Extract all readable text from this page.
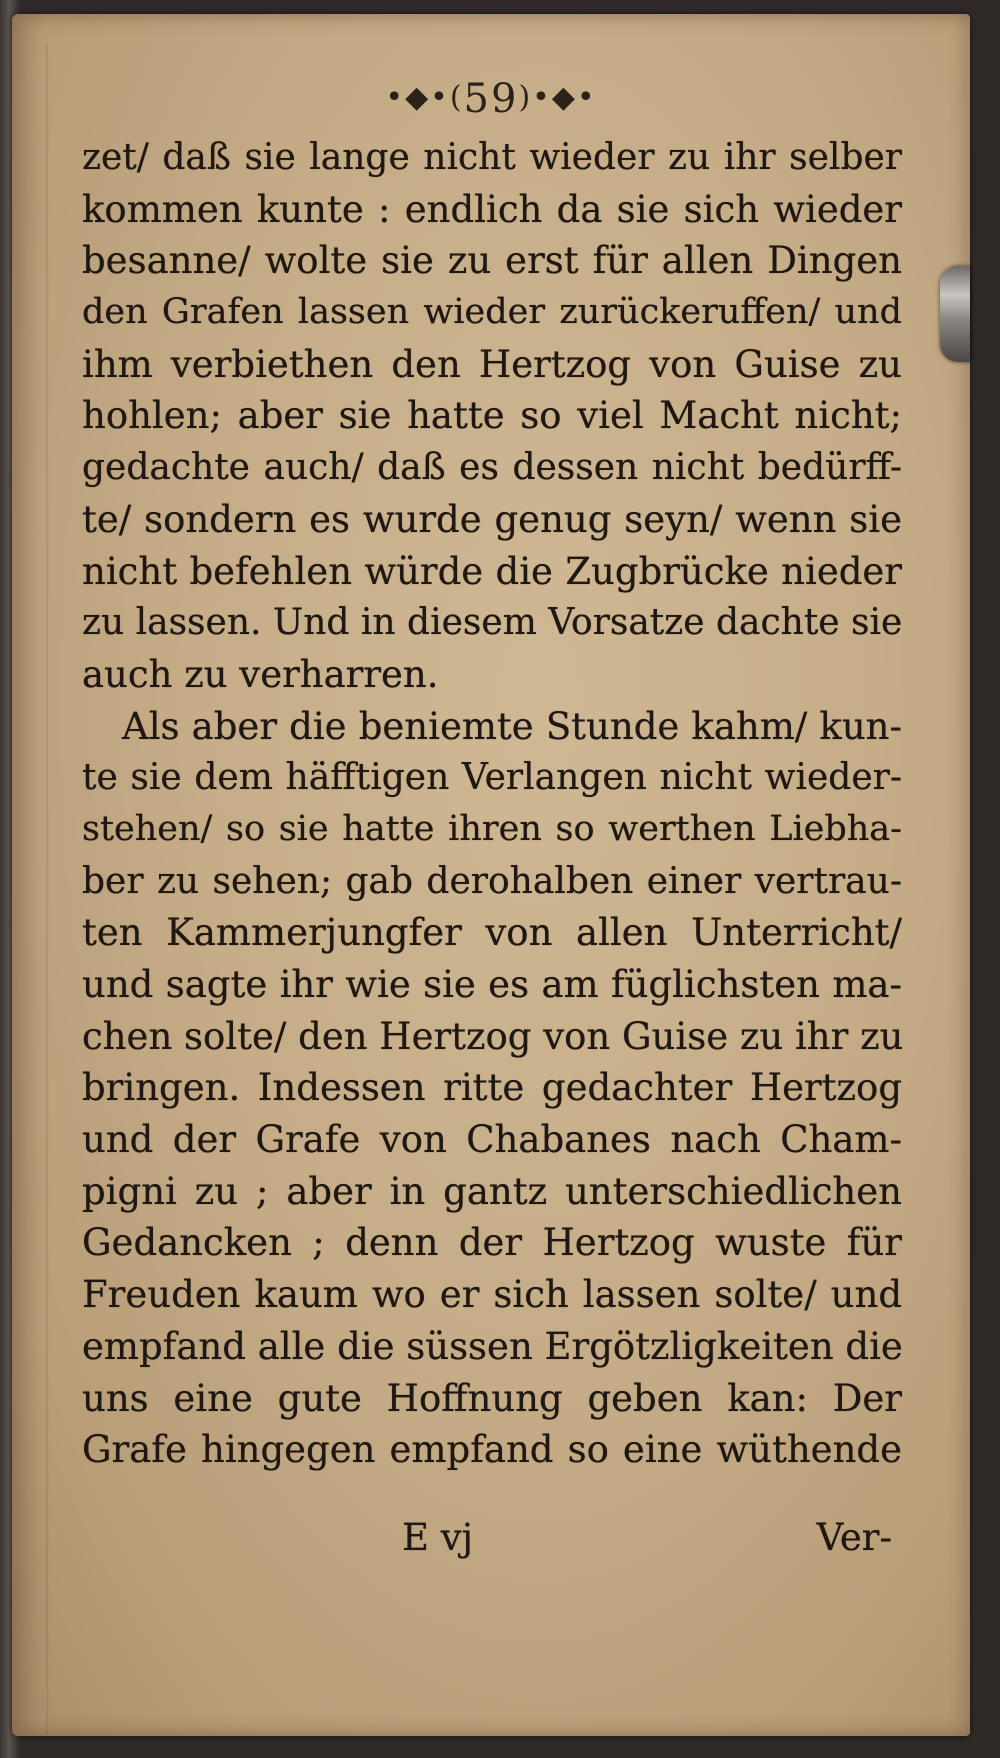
•◆•(59)•◆•
zet/ daß sie lange nicht wieder zu ihr selber
kommen kunte : endlich da sie sich wieder
besanne/ wolte sie zu erst für allen Dingen
den Grafen lassen wieder zurückeruffen/ und
ihm verbiethen den Hertzog von Guise zu
hohlen; aber sie hatte so viel Macht nicht;
gedachte auch/ daß es dessen nicht bedürff-
te/ sondern es wurde genug seyn/ wenn sie
nicht befehlen würde die Zugbrücke nieder
zu lassen. Und in diesem Vorsatze dachte sie
auch zu verharren.
Als aber die beniemte Stunde kahm/ kun-
te sie dem häfftigen Verlangen nicht wieder-
stehen/ so sie hatte ihren so werthen Liebha-
ber zu sehen; gab derohalben einer vertrau-
ten Kammerjungfer von allen Unterricht/
und sagte ihr wie sie es am füglichsten ma-
chen solte/ den Hertzog von Guise zu ihr zu
bringen. Indessen ritte gedachter Hertzog
und der Grafe von Chabanes nach Cham-
pigni zu ; aber in gantz unterschiedlichen
Gedancken ; denn der Hertzog wuste für
Freuden kaum wo er sich lassen solte/ und
empfand alle die süssen Ergötzligkeiten die
uns eine gute Hoffnung geben kan: Der
Grafe hingegen empfand so eine wüthende
E vj	Ver-
